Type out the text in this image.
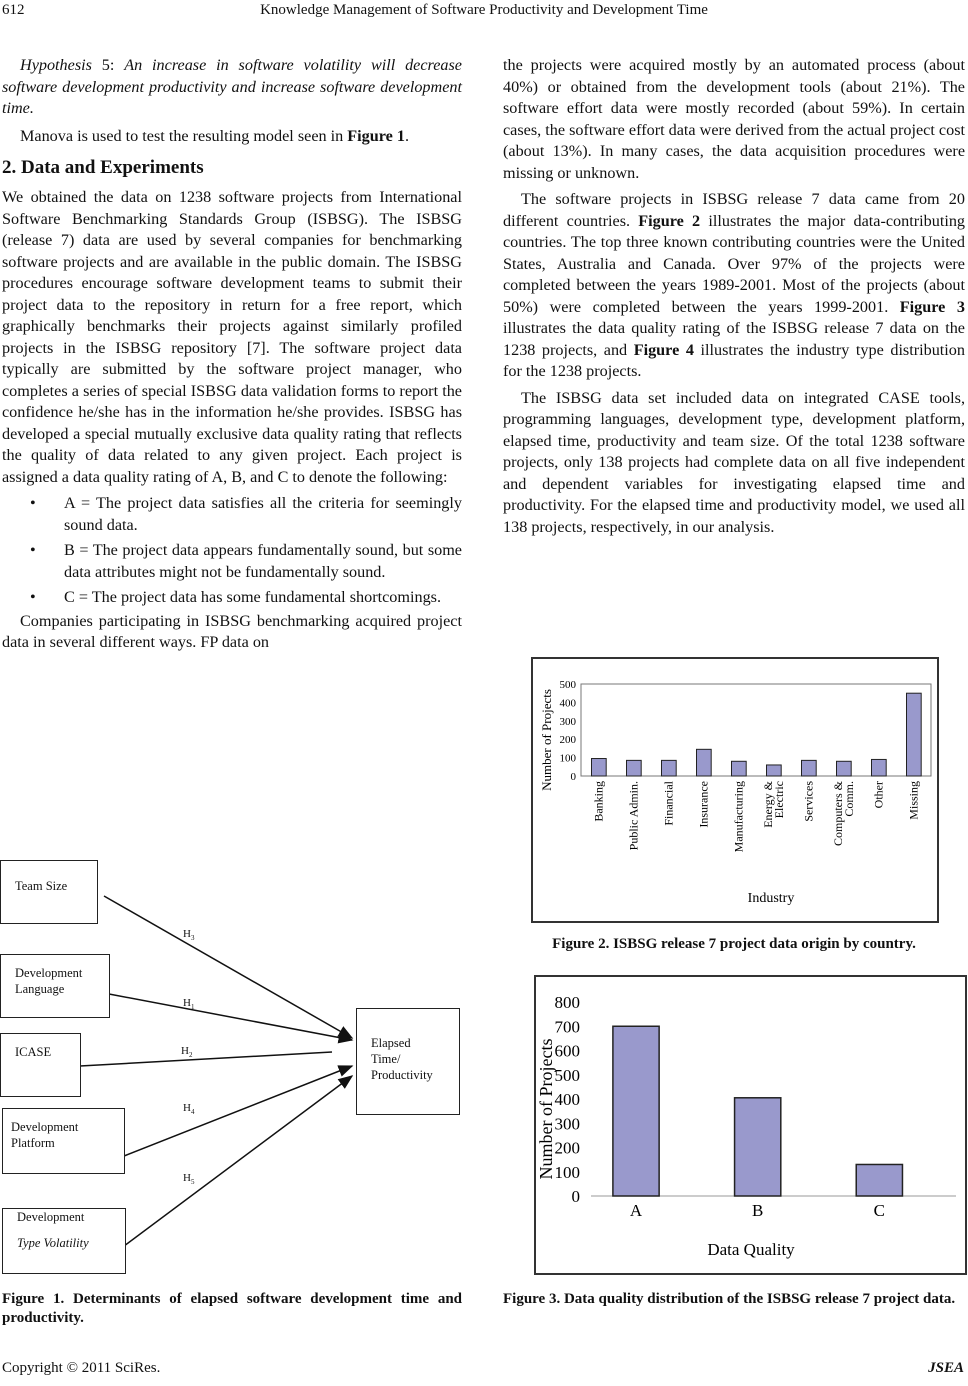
612	Knowledge Management of Software Productivity and Development Time

Hypothesis 5: An increase in software volatility will decrease software development productivity and increase software development time.

Manova is used to test the resulting model seen in Figure 1.

2. Data and Experiments

We obtained the data on 1238 software projects from International Software Benchmarking Standards Group (ISBSG). The ISBSG (release 7) data are used by several companies for benchmarking software projects and are available in the public domain. The ISBSG procedures encourage software development teams to submit their project data to the repository in return for a free report, which graphically benchmarks their projects against similarly profiled projects in the ISBSG repository [7]. The software project data typically are submitted by the software project manager, who completes a series of special ISBSG data validation forms to report the confidence he/she has in the information he/she provides. ISBSG has developed a special mutually exclusive data quality rating that reflects the quality of data related to any given project. Each project is assigned a data quality rating of A, B, and C to denote the following:

• A = The project data satisfies all the criteria for seemingly sound data.
• B = The project data appears fundamentally sound, but some data attributes might not be fundamentally sound.
• C = The project data has some fundamental shortcomings.

Companies participating in ISBSG benchmarking acquired project data in several different ways. FP data on

Team Size
Development
Language
ICASE
Development
Platform
Development
Type Volatility
Elapsed
Time/
Productivity
$H_3$
$H_1$
$H_2$
$H_4$
$H_5$
Figure 1. Determinants of elapsed software development time and productivity.

the projects were acquired mostly by an automated process (about 40%) or obtained from the development tools (about 21%). The software effort data were mostly recorded (about 59%). In certain cases, the software effort data were derived from the actual project cost (about 13%). In many cases, the data acquisition procedures were missing or unknown.

The software projects in ISBSG release 7 data came from 20 different countries. Figure 2 illustrates the major data-contributing countries. The top three known contributing countries were the United States, Australia and Canada. Over 97% of the projects were completed between the years 1989-2001. Most of the projects (about 50%) were completed between the years 1999-2001. Figure 3 illustrates the data quality rating of the ISBSG release 7 data on the 1238 projects, and Figure 4 illustrates the industry type distribution for the 1238 projects.

The ISBSG data set included data on integrated CASE tools, programming languages, development type, development platform, elapsed time, productivity and team size. Of the total 1238 software projects, only 138 projects had complete data on all five independent and dependent variables for investigating elapsed time and productivity. For the elapsed time and productivity model, we used all 138 projects, respectively, in our analysis.

0
100
200
300
400
500
Banking Public Admin. Financial Insurance Manufacturing Energy &
Electric Services Computers &
Comm. Other Missing
Number of Projects
Industry
Figure 2. ISBSG release 7 project data origin by country.
0
100
200
300
400
500
600
700
800
A	B	C
Number of Projects
Data Quality
Figure 3. Data quality distribution of the ISBSG release 7 project data.
Copyright © 2011 SciRes.	JSEA
